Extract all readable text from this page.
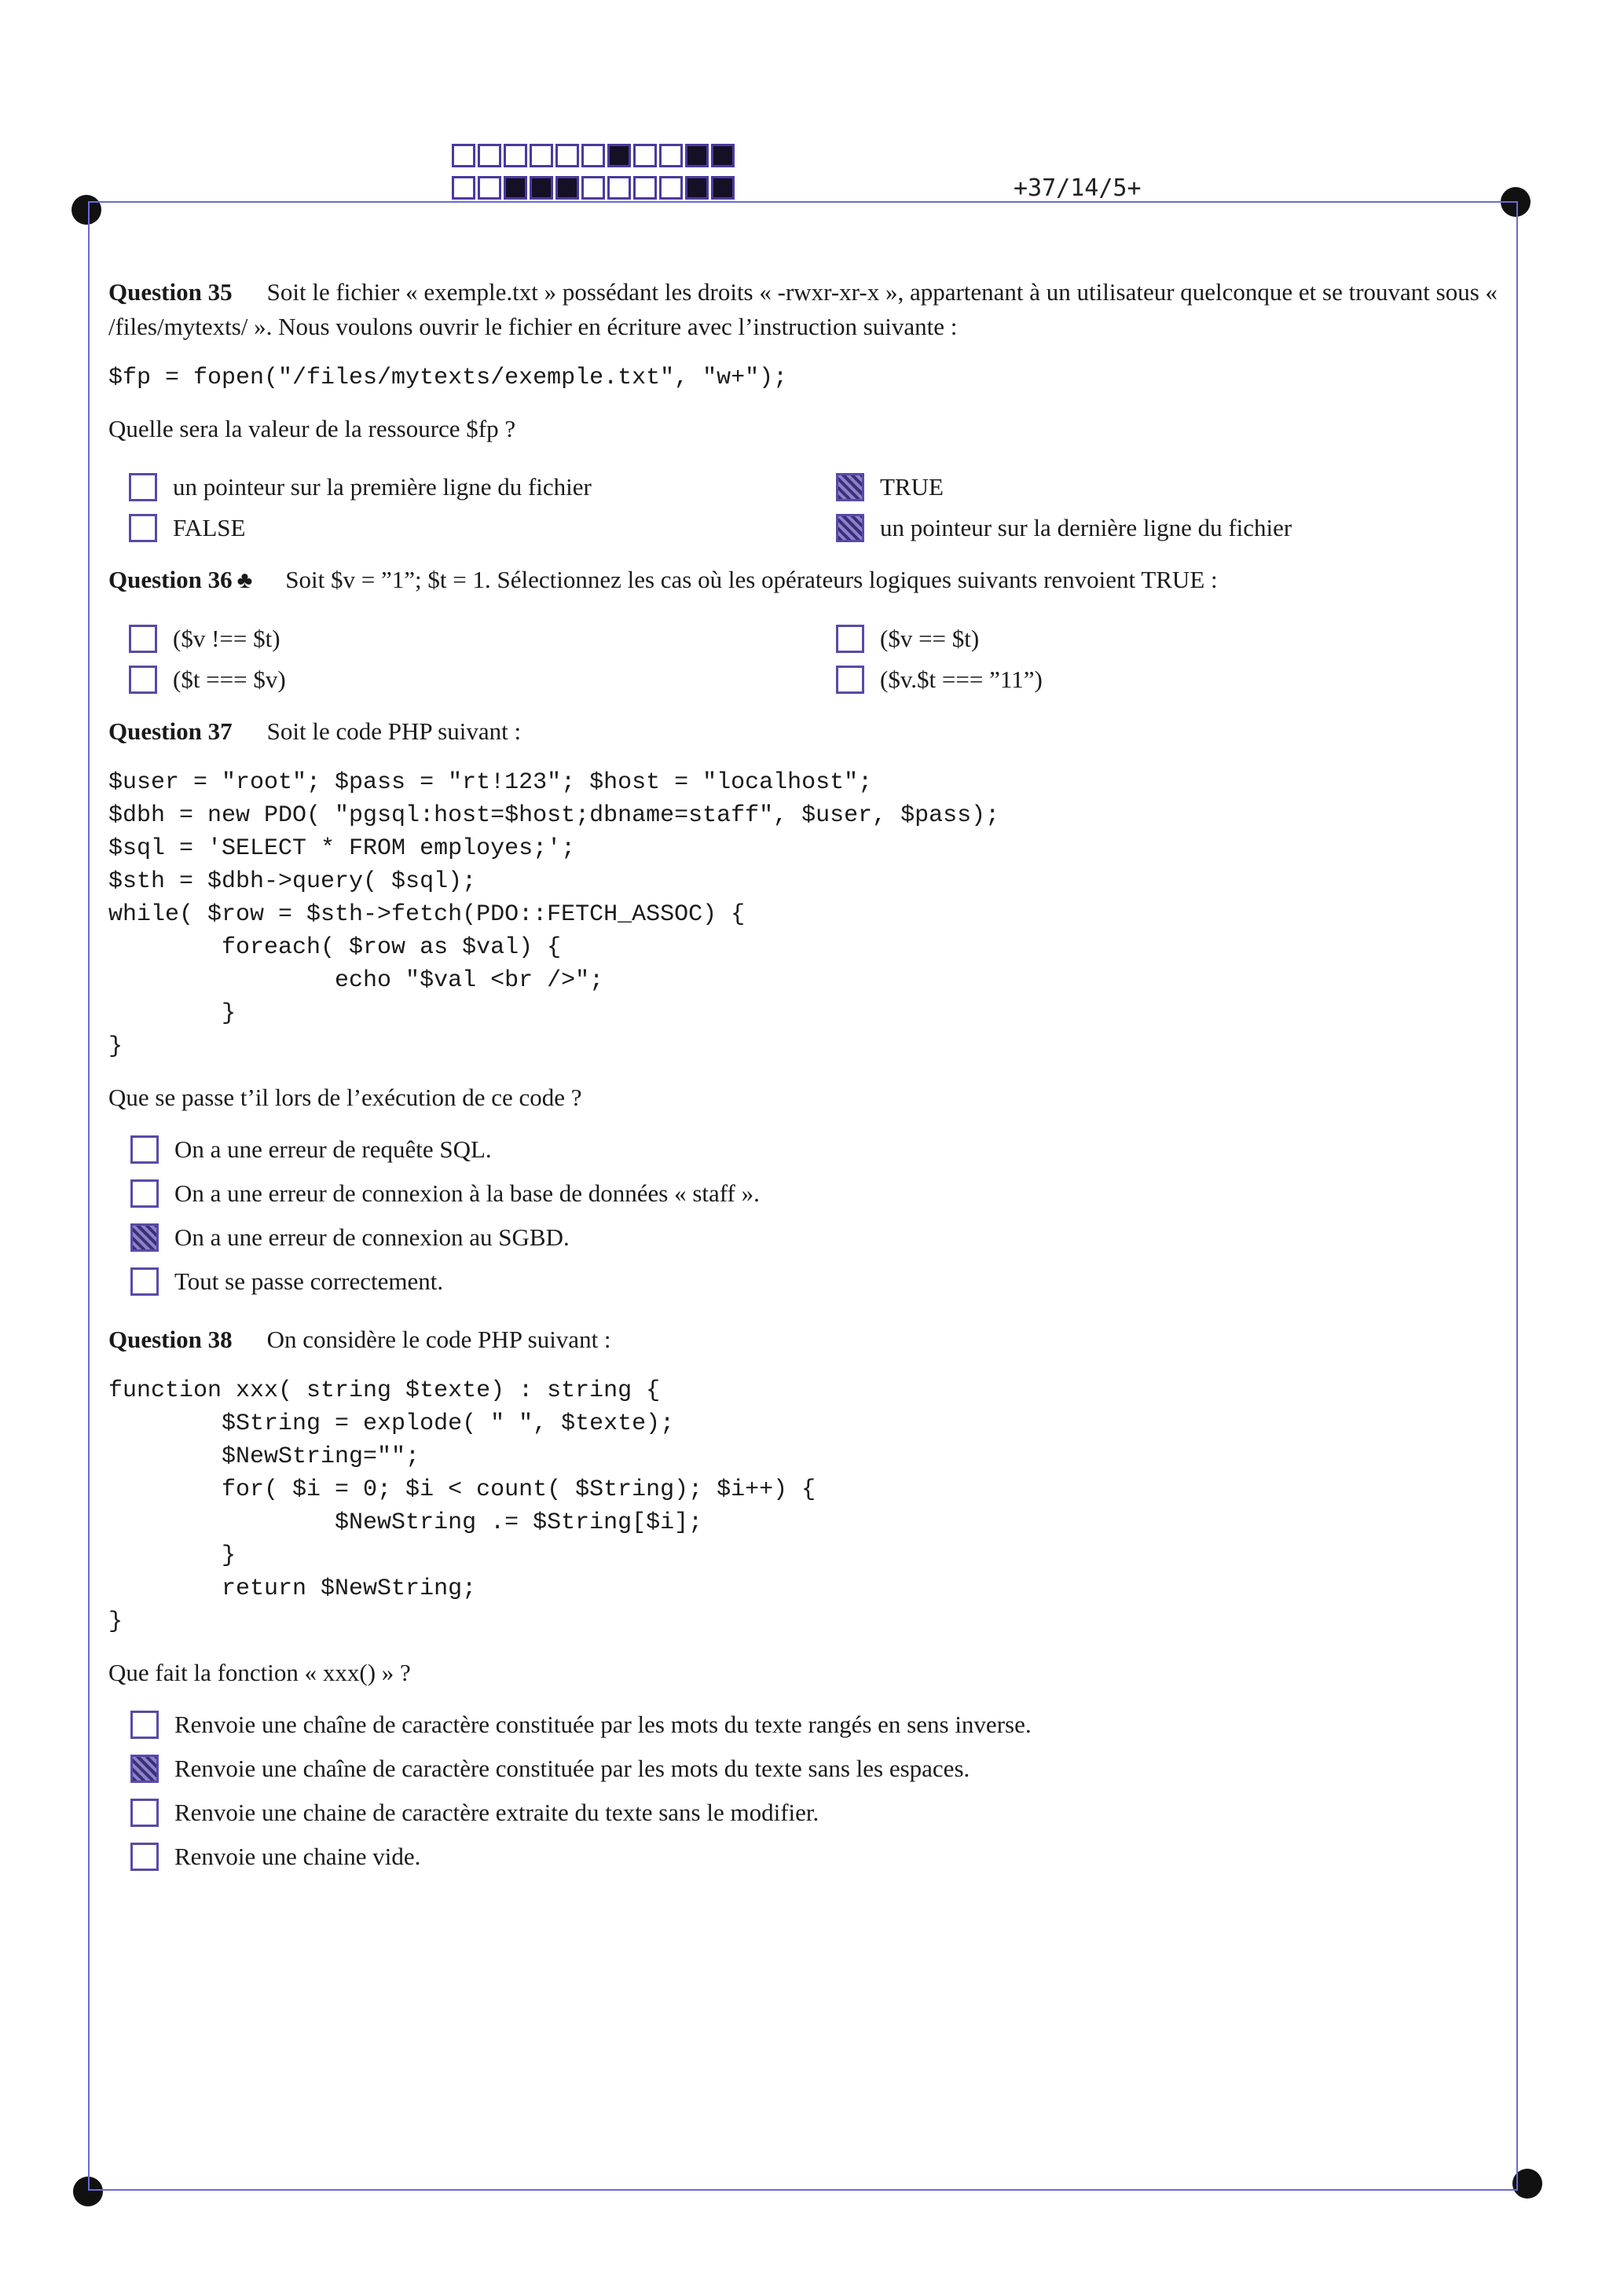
+37/14/5+
Question 35 Soit le fichier « exemple.txt » possédant les droits « -rwxr-xr-x », appartenant à un utilisateur quelconque et se trouvant sous « /files/mytexts/ ». Nous voulons ouvrir le fichier en écriture avec l’instruction suivante :
$fp = fopen("/files/mytexts/exemple.txt", "w+");
Quelle sera la valeur de la ressource $fp ?
un pointeur sur la première ligne du fichier	TRUE
FALSE	un pointeur sur la dernière ligne du fichier
Question 36 ♣ Soit $v = ”1”; $t = 1. Sélectionnez les cas où les opérateurs logiques suivants renvoient TRUE :
($v !== $t)	($v == $t)
($t === $v)	($v.$t === ”11”)
Question 37 Soit le code PHP suivant :
$user = "root"; $pass = "rt!123"; $host = "localhost";
$dbh = new PDO( "pgsql:host=$host;dbname=staff", $user, $pass);
$sql = 'SELECT * FROM employes;';
$sth = $dbh->query( $sql);
while( $row = $sth->fetch(PDO::FETCH_ASSOC) {
foreach( $row as $val) {
echo "$val <br />";
}
}
Que se passe t’il lors de l’exécution de ce code ?
On a une erreur de requête SQL.
On a une erreur de connexion à la base de données « staff ».
On a une erreur de connexion au SGBD.
Tout se passe correctement.
Question 38 On considère le code PHP suivant :
function xxx( string $texte) : string {
$String = explode( " ", $texte);
$NewString="";
for( $i = 0; $i < count( $String); $i++) {
$NewString .= $String[$i];
}
return $NewString;
}
Que fait la fonction « xxx() » ?
Renvoie une chaîne de caractère constituée par les mots du texte rangés en sens inverse.
Renvoie une chaîne de caractère constituée par les mots du texte sans les espaces.
Renvoie une chaine de caractère extraite du texte sans le modifier.
Renvoie une chaine vide.
